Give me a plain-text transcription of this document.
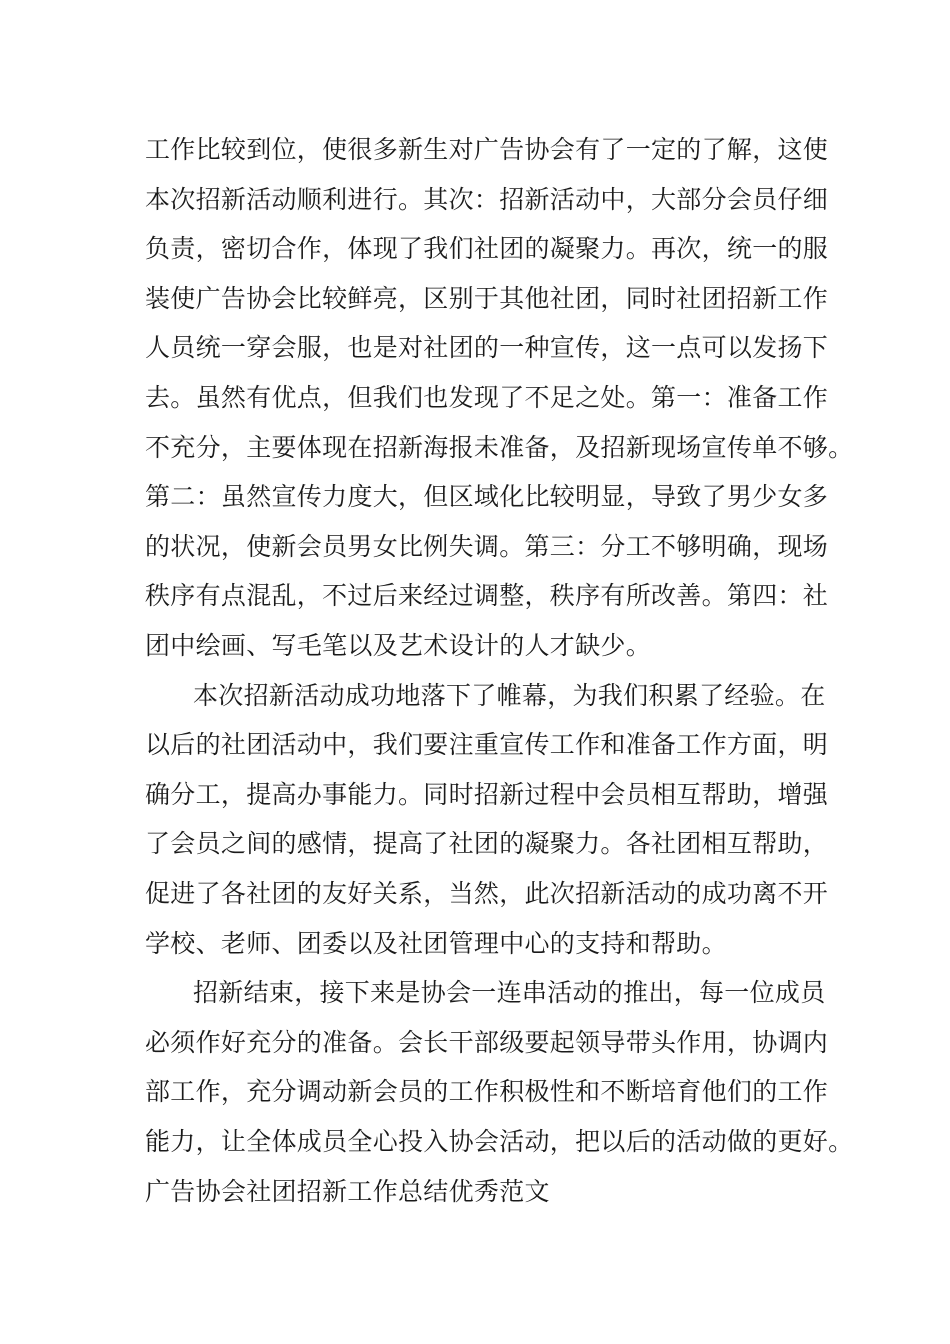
工作比较到位，使很多新生对广告协会有了一定的了解，这使
本次招新活动顺利进行。其次：招新活动中，大部分会员仔细
负责，密切合作，体现了我们社团的凝聚力。再次，统一的服
装使广告协会比较鲜亮，区别于其他社团，同时社团招新工作
人员统一穿会服，也是对社团的一种宣传，这一点可以发扬下
去。虽然有优点，但我们也发现了不足之处。第一：准备工作
不充分，主要体现在招新海报未准备，及招新现场宣传单不够。
第二：虽然宣传力度大，但区域化比较明显，导致了男少女多
的状况，使新会员男女比例失调。第三：分工不够明确，现场
秩序有点混乱，不过后来经过调整，秩序有所改善。第四：社
团中绘画、写毛笔以及艺术设计的人才缺少。
本次招新活动成功地落下了帷幕，为我们积累了经验。在
以后的社团活动中，我们要注重宣传工作和准备工作方面，明
确分工，提高办事能力。同时招新过程中会员相互帮助，增强
了会员之间的感情，提高了社团的凝聚力。各社团相互帮助，
促进了各社团的友好关系，当然，此次招新活动的成功离不开
学校、老师、团委以及社团管理中心的支持和帮助。
招新结束，接下来是协会一连串活动的推出，每一位成员
必须作好充分的准备。会长干部级要起领导带头作用，协调内
部工作，充分调动新会员的工作积极性和不断培育他们的工作
能力，让全体成员全心投入协会活动，把以后的活动做的更好。
广告协会社团招新工作总结优秀范文
